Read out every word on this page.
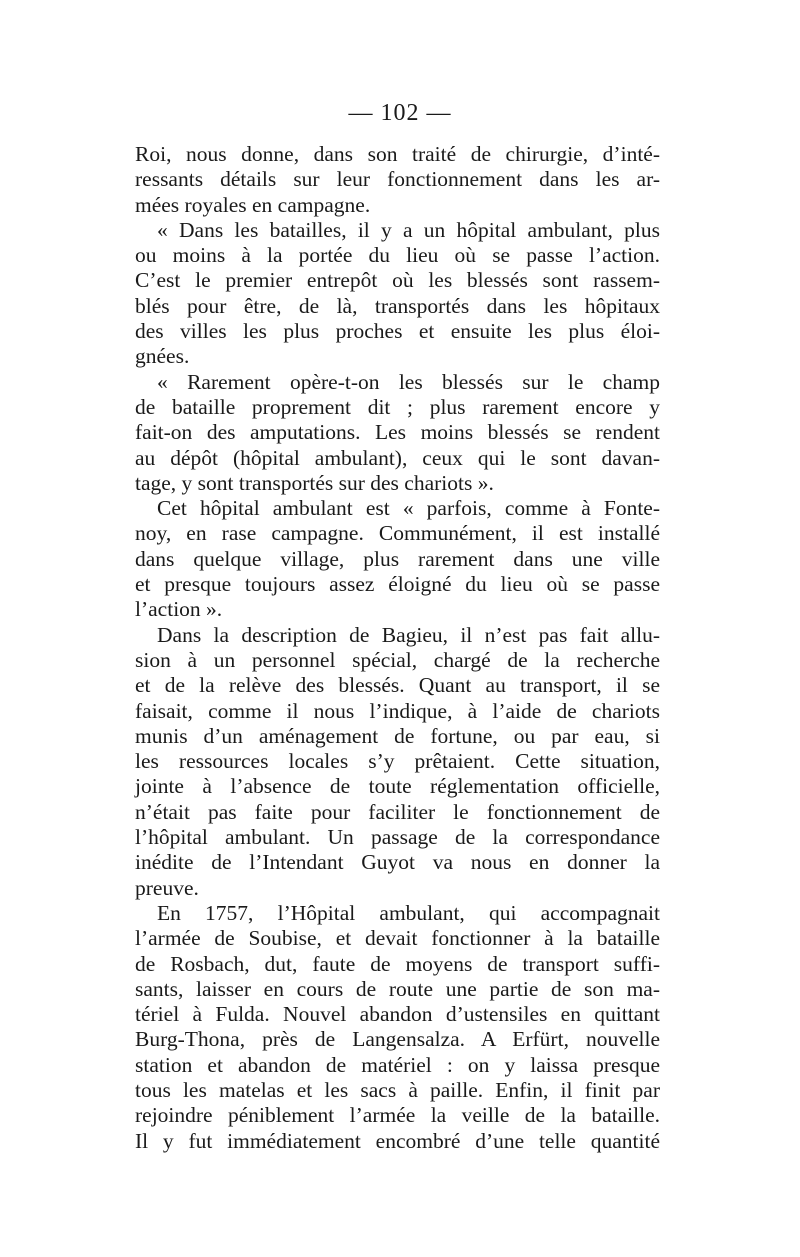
— 102 —
Roi, nous donne, dans son traité de chirurgie, d’inté-
ressants détails sur leur fonctionnement dans les ar-
mées royales en campagne.
« Dans les batailles, il y a un hôpital ambulant, plus
ou moins à la portée du lieu où se passe l’action.
C’est le premier entrepôt où les blessés sont rassem-
blés pour être, de là, transportés dans les hôpitaux
des villes les plus proches et ensuite les plus éloi-
gnées.
« Rarement opère-t-on les blessés sur le champ
de bataille proprement dit ; plus rarement encore y
fait-on des amputations. Les moins blessés se rendent
au dépôt (hôpital ambulant), ceux qui le sont davan-
tage, y sont transportés sur des chariots ».
Cet hôpital ambulant est « parfois, comme à Fonte-
noy, en rase campagne. Communément, il est installé
dans quelque village, plus rarement dans une ville
et presque toujours assez éloigné du lieu où se passe
l’action ».
Dans la description de Bagieu, il n’est pas fait allu-
sion à un personnel spécial, chargé de la recherche
et de la relève des blessés. Quant au transport, il se
faisait, comme il nous l’indique, à l’aide de chariots
munis d’un aménagement de fortune, ou par eau, si
les ressources locales s’y prêtaient. Cette situation,
jointe à l’absence de toute réglementation officielle,
n’était pas faite pour faciliter le fonctionnement de
l’hôpital ambulant. Un passage de la correspondance
inédite de l’Intendant Guyot va nous en donner la
preuve.
En 1757, l’Hôpital ambulant, qui accompagnait
l’armée de Soubise, et devait fonctionner à la bataille
de Rosbach, dut, faute de moyens de transport suffi-
sants, laisser en cours de route une partie de son ma-
tériel à Fulda. Nouvel abandon d’ustensiles en quittant
Burg-Thona, près de Langensalza. A Erfürt, nouvelle
station et abandon de matériel : on y laissa presque
tous les matelas et les sacs à paille. Enfin, il finit par
rejoindre péniblement l’armée la veille de la bataille.
Il y fut immédiatement encombré d’une telle quantité
